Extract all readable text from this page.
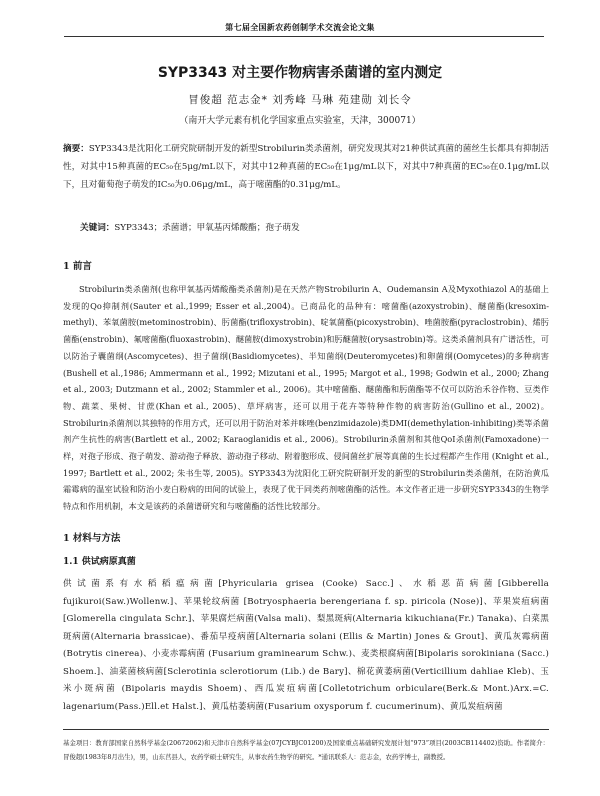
第七届全国新农药创制学术交流会论文集
SYP3343 对主要作物病害杀菌谱的室内测定
冒俊超 范志金* 刘秀峰 马琳 苑建勋 刘长令
（南开大学元素有机化学国家重点实验室，天津，300071）
摘要：SYP3343是沈阳化工研究院研制开发的新型Strobilurin类杀菌剂，研究发现其对21种供试真菌的菌丝生长都具有抑制活性，对其中15种真菌的EC₅₀在5μg/mL以下，对其中12种真菌的EC₅₀在1μg/mL以下，对其中7种真菌的EC₅₀在0.1μg/mL以下，且对葡萄孢子萌发的IC₅₀为0.06μg/mL，高于嘧菌酯的0.31μg/mL。
关键词：SYP3343；杀菌谱；甲氧基丙烯酸酯；孢子萌发
1 前言
Strobilurin类杀菌剂(也称甲氧基丙烯酸酯类杀菌剂)是在天然产物Strobilurin A、Oudemansin A及Myxothiazol A的基础上发现的Qo抑制剂(Sauter et al.,1999; Esser et al.,2004)。已商品化的品种有：嘧菌酯(azoxystrobin)、醚菌酯(kresoxim-methyl)、苯氧菌胺(metominostrobin)、肟菌酯(trifloxystrobin)、啶氧菌酯(picoxystrobin)、唑菌胺酯(pyraclostrobin)、烯肟菌酯(enstrobin)、氟嘧菌酯(fluoxastrobin)、醚菌胺(dimoxystrobin)和肟醚菌胺(orysastrobin)等。这类杀菌剂具有广谱活性，可以防治子囊菌纲(Ascomycetes)、担子菌纲(Basidiomycetes)、半知菌纲(Deuteromycetes)和卵菌纲(Oomycetes)的多种病害(Bushell et al.,1986; Ammermann et al., 1992; Mizutani et al., 1995; Margot et al., 1998; Godwin et al., 2000; Zhang et al., 2003; Dutzmann et al., 2002; Stammler et al., 2006)。其中嘧菌酯、醚菌酯和肟菌酯等不仅可以防治禾谷作物、豆类作物、蔬菜、果树、甘蔗(Khan et al., 2005)、草坪病害，还可以用于花卉等特种作物的病害防治(Gullino et al., 2002)。Strobilurin杀菌剂以其独特的作用方式，还可以用于防治对苯并咪唑(benzimidazole)类DMI(demethylation-inhibiting)类等杀菌剂产生抗性的病害(Bartlett et al., 2002; Karaoglanidis et al., 2006)。Strobilurin杀菌剂和其他QoI杀菌剂(Famoxadone)一样，对孢子形成、孢子萌发、游动孢子释放、游动孢子移动、附着胞形成、侵间菌丝扩展等真菌的生长过程都产生作用 (Knight et al., 1997; Bartlett et al., 2002; 朱书生等, 2005)。SYP3343为沈阳化工研究院研制开发的新型的Strobilurin类杀菌剂，在防治黄瓜霜霉病的温室试验和防治小麦白粉病的田间的试验上，表现了优于同类药剂嘧菌酯的活性。本文作者正进一步研究SYP3343的生物学特点和作用机制，本文是该药的杀菌谱研究和与嘧菌酯的活性比较部分。
1 材料与方法
1.1 供试病原真菌
供试菌系有水稻稻瘟病菌[Phyricularia grisea (Cooke) Sacc.]、水稻恶苗病菌[Gibberella fujikuroi(Saw.)Wollenw.]、苹果轮纹病菌 [Botryosphaeria berengeriana f. sp. piricola (Nose)]、苹果炭疽病菌[Glomerella cingulata Schr.]、苹果腐烂病菌(Valsa mali)、梨黑斑病(Alternaria kikuchiana(Fr.) Tanaka)、白菜黑斑病菌(Alternaria brassicae)、番茄早疫病菌[Alternaria solani (Ellis & Martin) Jones & Grout]、黄瓜灰霉病菌 (Botrytis cinerea)、小麦赤霉病菌 (Fusarium graminearum Schw.)、麦类根腐病菌[Bipolaris sorokiniana (Sacc.) Shoem.]、油菜菌核病菌[Sclerotinia sclerotiorum (Lib.) de Bary]、棉花黄萎病菌(Verticillium dahliae Kleb)、玉米小斑病菌 (Bipolaris maydis Shoem)、西瓜炭疽病菌[Colletotrichum orbiculare(Berk.& Mont.)Arx.=C. lagenarium(Pass.)Ell.et Halst.]、黄瓜枯萎病菌(Fusarium oxysporum f. cucumerinum)、黄瓜炭疽病菌
基金项目：教育部国家自然科学基金(20672062)和天津市自然科学基金(07JCYBJC01200)及国家重点基础研究发展计划“973”项目(2003CB114402)资助。作者简介：冒俊超(1983年8月出生)，男，山东莒县人，农药学硕士研究生，从事农药生物学的研究。*通讯联系人：范志金，农药学博士，副教授。
